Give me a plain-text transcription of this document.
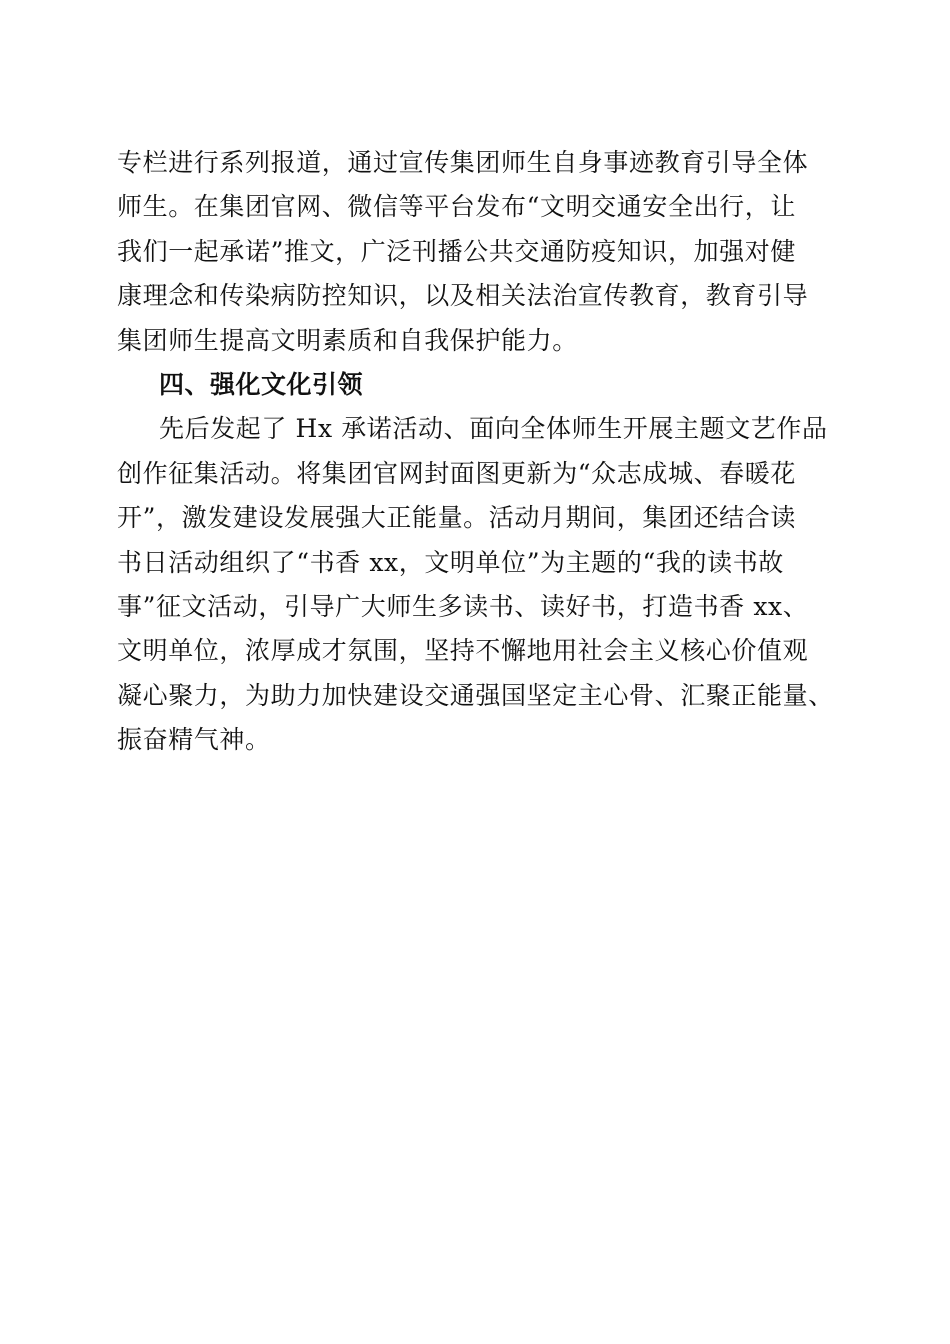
专栏进行系列报道，通过宣传集团师生自身事迹教育引导全体
师生。在集团官网、微信等平台发布“文明交通安全出行，让
我们一起承诺”推文，广泛刊播公共交通防疫知识，加强对健
康理念和传染病防控知识，以及相关法治宣传教育，教育引导
集团师生提高文明素质和自我保护能力。
四、强化文化引领
先后发起了 Hx 承诺活动、面向全体师生开展主题文艺作品
创作征集活动。将集团官网封面图更新为“众志成城、春暖花
开”，激发建设发展强大正能量。活动月期间，集团还结合读
书日活动组织了“书香 xx，文明单位”为主题的“我的读书故
事”征文活动，引导广大师生多读书、读好书，打造书香 xx、
文明单位，浓厚成才氛围，坚持不懈地用社会主义核心价值观
凝心聚力，为助力加快建设交通强国坚定主心骨、汇聚正能量、
振奋精气神。
